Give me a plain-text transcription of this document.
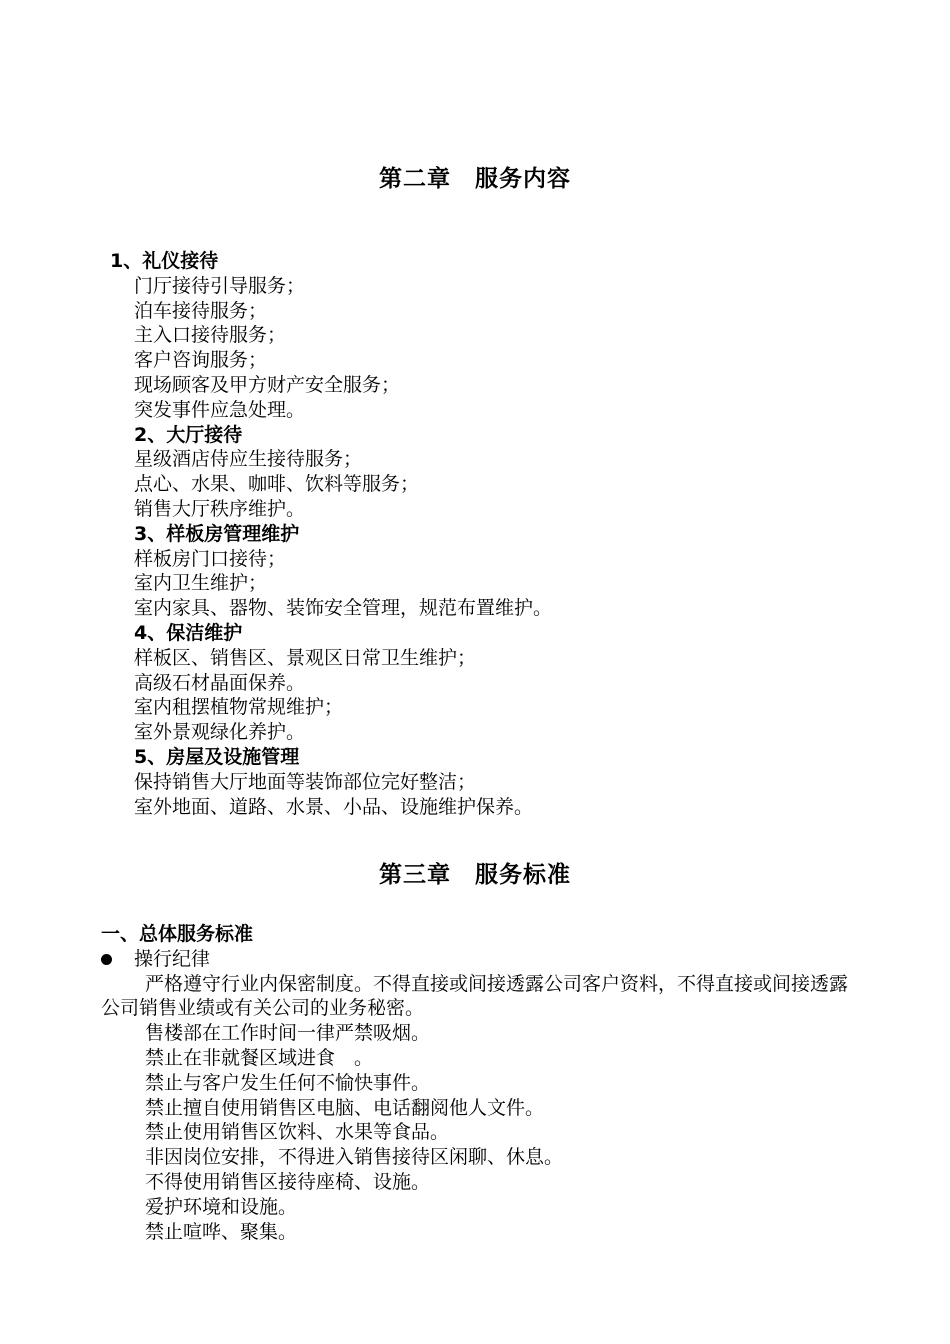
第二章　服务内容
1、礼仪接待
门厅接待引导服务；
泊车接待服务；
主入口接待服务；
客户咨询服务；
现场顾客及甲方财产安全服务；
突发事件应急处理。
2、大厅接待
星级酒店侍应生接待服务；
点心、水果、咖啡、饮料等服务；
销售大厅秩序维护。
3、样板房管理维护
样板房门口接待；
室内卫生维护；
室内家具、器物、装饰安全管理，规范布置维护。
4、保洁维护
样板区、销售区、景观区日常卫生维护；
高级石材晶面保养。
室内租摆植物常规维护；
室外景观绿化养护。
5、房屋及设施管理
保持销售大厅地面等装饰部位完好整洁；
室外地面、道路、水景、小品、设施维护保养。
第三章　服务标准
一、总体服务标准
操行纪律
严格遵守行业内保密制度。不得直接或间接透露公司客户资料，不得直接或间接透露公司销售业绩或有关公司的业务秘密。
售楼部在工作时间一律严禁吸烟。
禁止在非就餐区域进食　。
禁止与客户发生任何不愉快事件。
禁止擅自使用销售区电脑、电话翻阅他人文件。
禁止使用销售区饮料、水果等食品。
非因岗位安排，不得进入销售接待区闲聊、休息。
不得使用销售区接待座椅、设施。
爱护环境和设施。
禁止喧哗、聚集。
